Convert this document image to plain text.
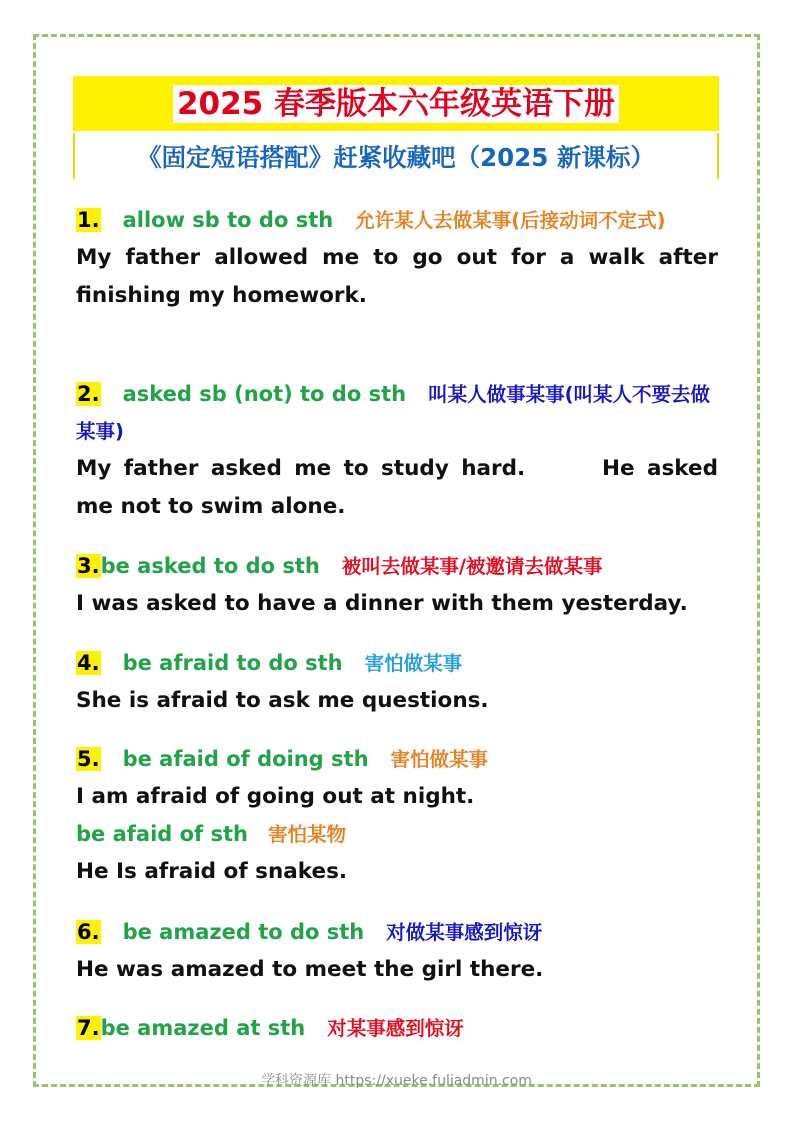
2025 春季版本六年级英语下册
《固定短语搭配》赶紧收藏吧（2025 新课标）
1. allow sb to do sth 允许某人去做某事(后接动词不定式)
My father allowed me to go out for a walk after finishing my homework.
2. asked sb (not) to do sth 叫某人做事某事(叫某人不要去做某事)
My father asked me to study hard.	He asked me not to swim alone.
3.be asked to do sth 被叫去做某事/被邀请去做某事
I was asked to have a dinner with them yesterday.
4. be afraid to do sth 害怕做某事
She is afraid to ask me questions.
5. be afaid of doing sth 害怕做某事
I am afraid of going out at night.
be afaid of sth 害怕某物
He Is afraid of snakes.
6. be amazed to do sth 对做某事感到惊讶
He was amazed to meet the girl there.
7.be amazed at sth 对某事感到惊讶
学科资源库 https://xueke.fuliadmin.com
